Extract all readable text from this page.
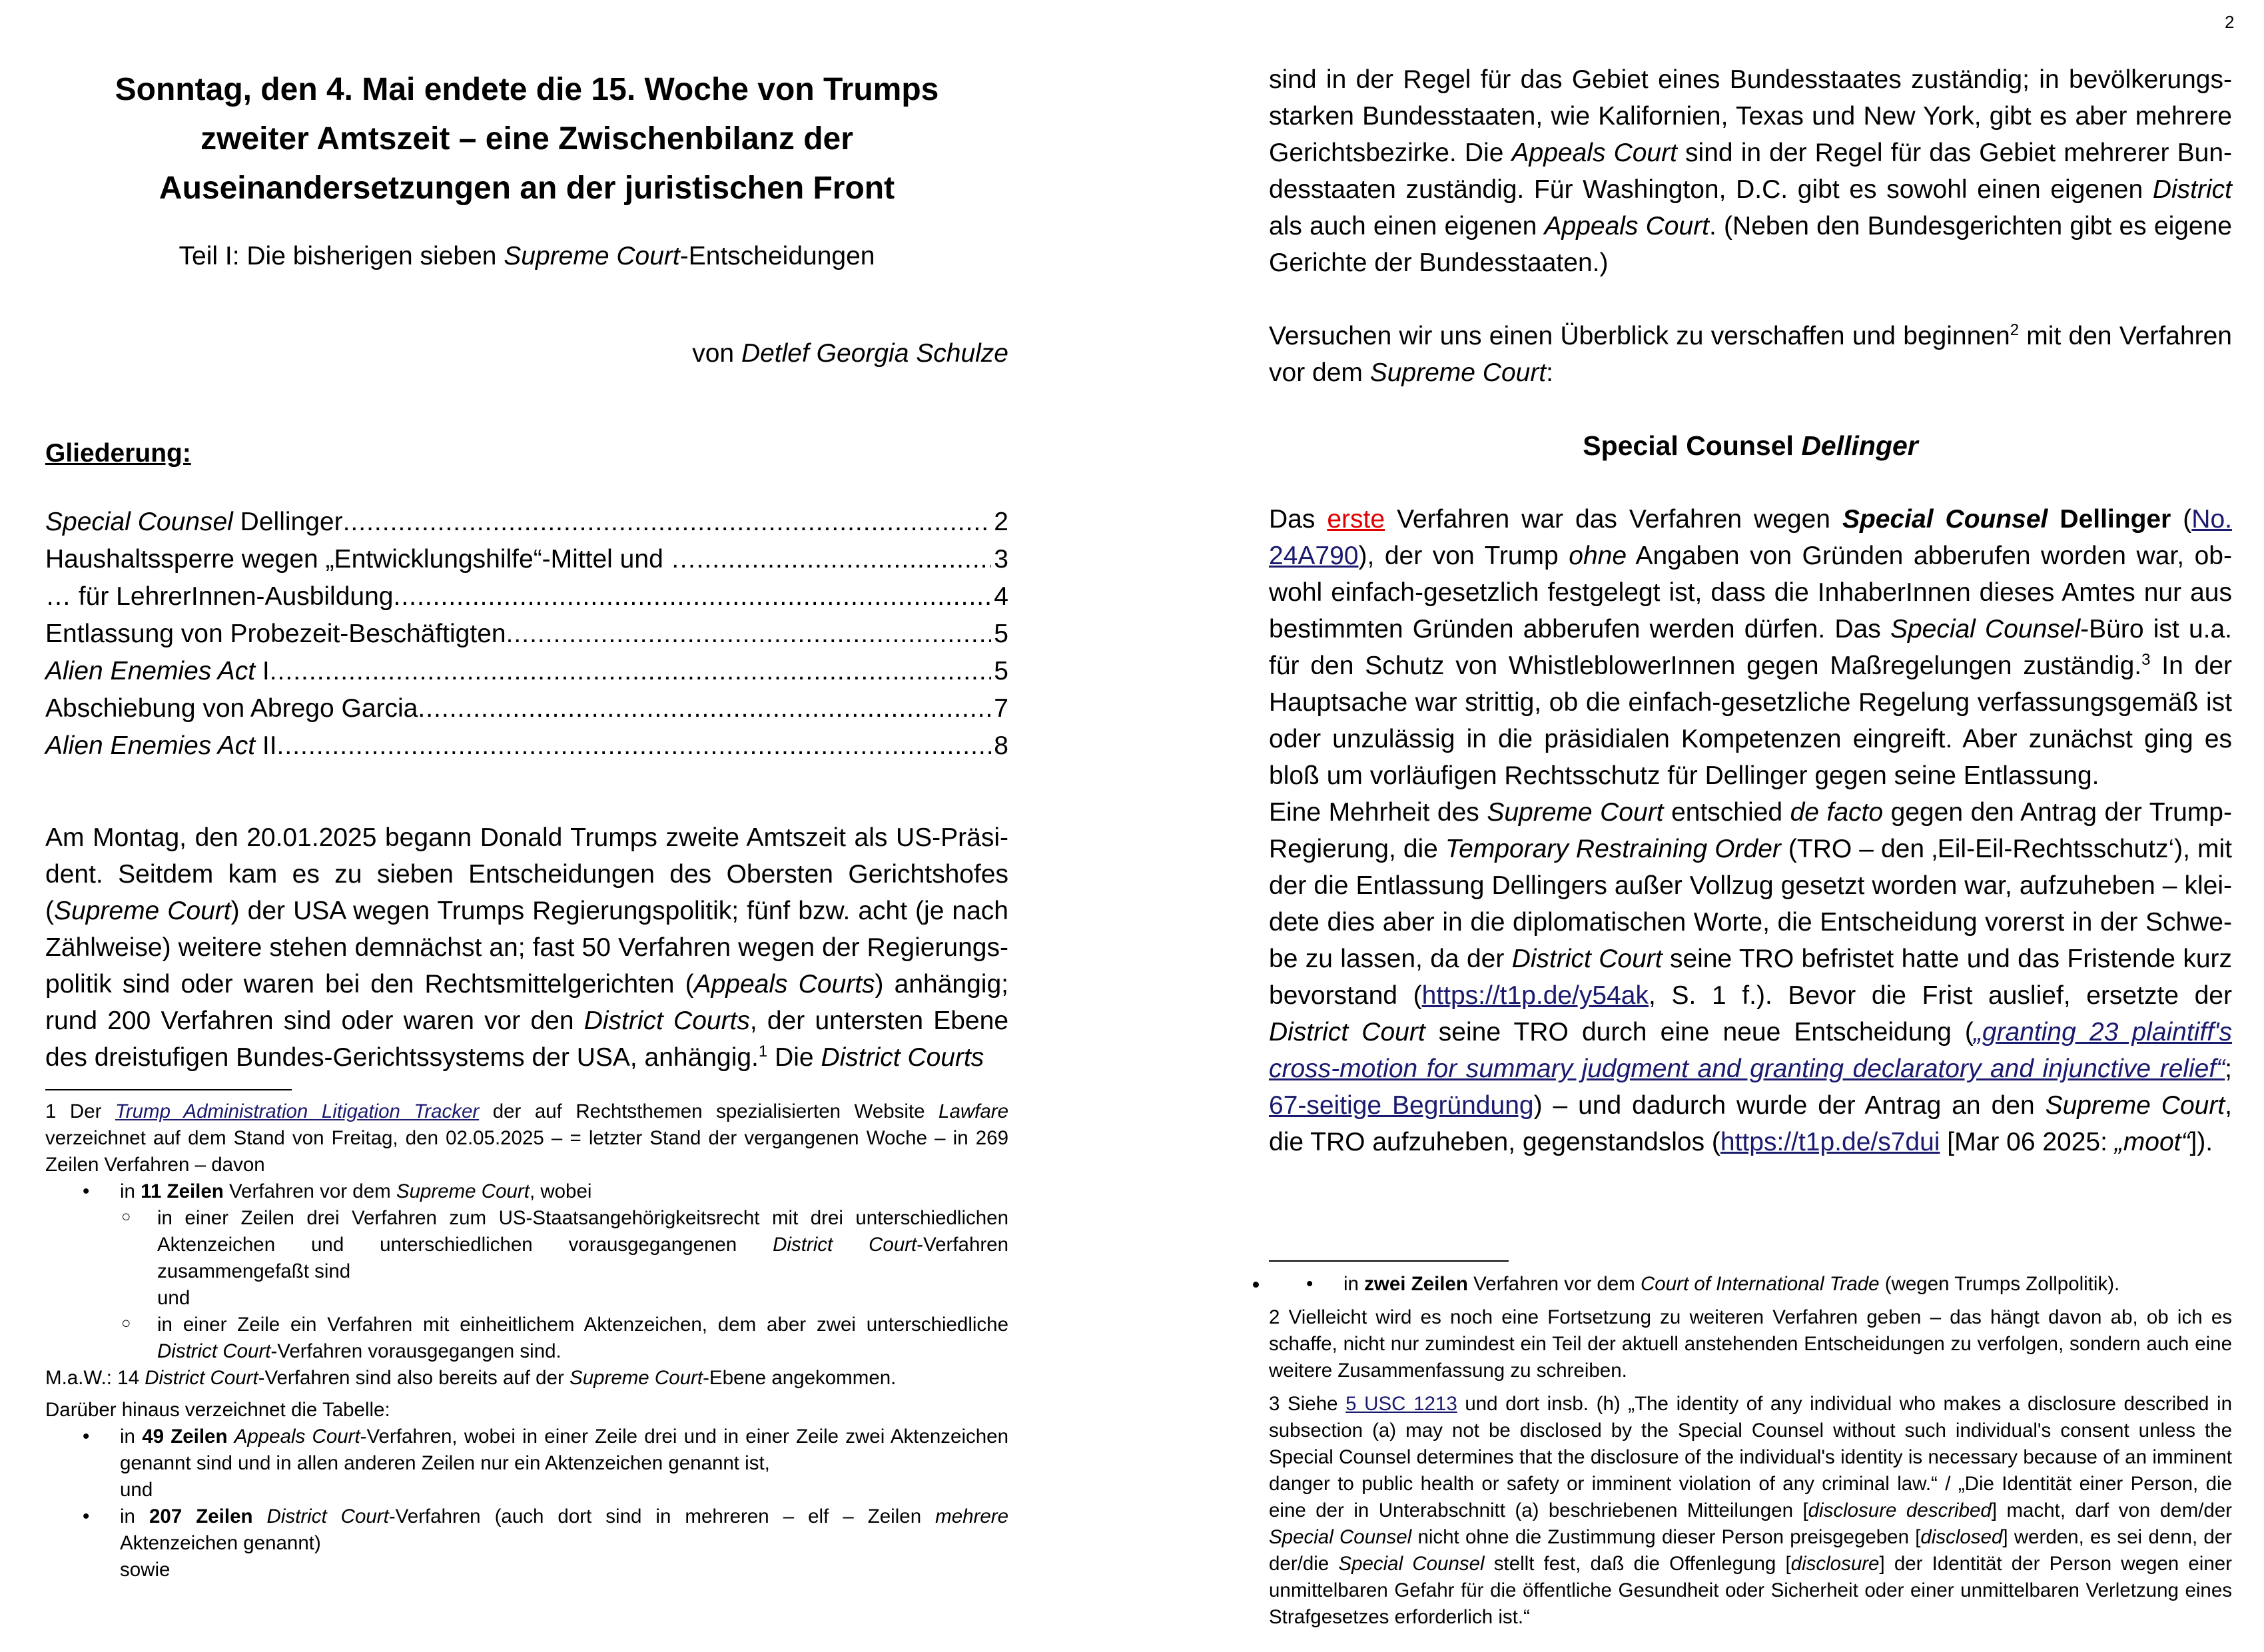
2
Sonntag, den 4. Mai endete die 15. Woche von Trumps zweiter Amtszeit – eine Zwischenbilanz der Auseinandersetzungen an der juristischen Front
Teil I: Die bisherigen sieben Supreme Court-Entscheidungen
von Detlef Georgia Schulze
Gliederung:
Special Counsel Dellinger .....	2
Haushaltssperre wegen „Entwicklungshilfe“-Mittel und … .....	3
… für LehrerInnen-Ausbildung .....	4
Entlassung von Probezeit-Beschäftigten .....	5
Alien Enemies Act I .....	5
Abschiebung von Abrego Garcia .....	7
Alien Enemies Act II .....	8

Am Montag, den 20.01.2025 begann Donald Trumps zweite Amtszeit als US-Präsident. Seitdem kam es zu sieben Entscheidungen des Obersten Gerichtshofes (Supreme Court) der USA wegen Trumps Regierungspolitik; fünf bzw. acht (je nach Zählweise) weitere stehen demnächst an; fast 50 Verfahren wegen der Regierungspolitik sind oder waren bei den Rechtsmittelgerichten (Appeals Courts) anhängig; rund 200 Verfahren sind oder waren vor den District Courts, der untersten Ebene des dreistufigen Bundes-Gerichtssystems der USA, anhängig.$^1$ Die District Courts

1 Der Trump Administration Litigation Tracker der auf Rechtsthemen spezialisierten Website Lawfare verzeichnet auf dem Stand von Freitag, den 02.05.2025 – = letzter Stand der vergangenen Woche – in 269 Zeilen Verfahren – davon

• in 11 Zeilen Verfahren vor dem Supreme Court, wobei
○ in einer Zeilen drei Verfahren zum US-Staatsangehörigkeitsrecht mit drei unterschiedlichen Aktenzeichen und unterschiedlichen vorausgegangenen District Court-Verfahren zusammengefaßt sind
und
○ in einer Zeile ein Verfahren mit einheitlichem Aktenzeichen, dem aber zwei unterschiedliche District Court-Verfahren vorausgegangen sind.

M.a.W.: 14 District Court-Verfahren sind also bereits auf der Supreme Court-Ebene angekommen.

Darüber hinaus verzeichnet die Tabelle:

• in 49 Zeilen Appeals Court-Verfahren, wobei in einer Zeile drei und in einer Zeile zwei Aktenzeichen genannt sind und in allen anderen Zeilen nur ein Aktenzeichen genannt ist,
und
• in 207 Zeilen District Court-Verfahren (auch dort sind in mehreren – elf – Zeilen mehrere Aktenzeichen genannt)
sowie

sind in der Regel für das Gebiet eines Bundesstaates zuständig; in bevölkerungsstarken Bundesstaaten, wie Kalifornien, Texas und New York, gibt es aber mehrere Gerichtsbezirke. Die Appeals Court sind in der Regel für das Gebiet mehrerer Bundesstaaten zuständig. Für Washington, D.C. gibt es sowohl einen eigenen District als auch einen eigenen Appeals Court. (Neben den Bundesgerichten gibt es eigene Gerichte der Bundesstaaten.)

Versuchen wir uns einen Überblick zu verschaffen und beginnen$^2$ mit den Verfahren vor dem Supreme Court:

Special Counsel Dellinger

Das erste Verfahren war das Verfahren wegen Special Counsel Dellinger (No. 24A790), der von Trump ohne Angaben von Gründen abberufen worden war, obwohl einfach-gesetzlich festgelegt ist, dass die InhaberInnen dieses Amtes nur aus bestimmten Gründen abberufen werden dürfen. Das Special Counsel-Büro ist u.a. für den Schutz von WhistleblowerInnen gegen Maßregelungen zuständig.$^3$ In der Hauptsache war strittig, ob die einfach-gesetzliche Regelung verfassungsgemäß ist oder unzulässig in die präsidialen Kompetenzen eingreift. Aber zunächst ging es bloß um vorläufigen Rechtsschutz für Dellinger gegen seine Entlassung.

Eine Mehrheit des Supreme Court entschied de facto gegen den Antrag der Trump-Regierung, die Temporary Restraining Order (TRO – den ‚Eil-Eil-Rechtsschutz‘), mit der die Entlassung Dellingers außer Vollzug gesetzt worden war, aufzuheben – kleidete dies aber in die diplomatischen Worte, die Entscheidung vorerst in der Schwebe zu lassen, da der District Court seine TRO befristet hatte und das Fristende kurz bevorstand (https://t1p.de/y54ak, S. 1 f.). Bevor die Frist auslief, ersetzte der District Court seine TRO durch eine neue Entscheidung („granting 23 plaintiff's cross-motion for summary judgment and granting declaratory and injunctive relief“; 67-seitige Begründung) – und dadurch wurde der Antrag an den Supreme Court, die TRO aufzuheben, gegenstandslos (https://t1p.de/s7dui [Mar 06 2025: „moot“]).

• • in zwei Zeilen Verfahren vor dem Court of International Trade (wegen Trumps Zollpolitik).

2 Vielleicht wird es noch eine Fortsetzung zu weiteren Verfahren geben – das hängt davon ab, ob ich es schaffe, nicht nur zumindest ein Teil der aktuell anstehenden Entscheidungen zu verfolgen, sondern auch eine weitere Zusammenfassung zu schreiben.

3 Siehe 5 USC 1213 und dort insb. (h) „The identity of any individual who makes a disclosure described in subsection (a) may not be disclosed by the Special Counsel without such individual's consent unless the Special Counsel determines that the disclosure of the individual's identity is necessary because of an imminent danger to public health or safety or imminent violation of any criminal law.“ / „Die Identität einer Person, die eine der in Unterabschnitt (a) beschriebenen Mitteilungen [disclosure described] macht, darf von dem/der Special Counsel nicht ohne die Zustimmung dieser Person preisgegeben [disclosed] werden, es sei denn, der der/die Special Counsel stellt fest, daß die Offenlegung [disclosure] der Identität der Person wegen einer unmittelbaren Gefahr für die öffentliche Gesundheit oder Sicherheit oder einer unmittelbaren Verletzung eines Strafgesetzes erforderlich ist.“
